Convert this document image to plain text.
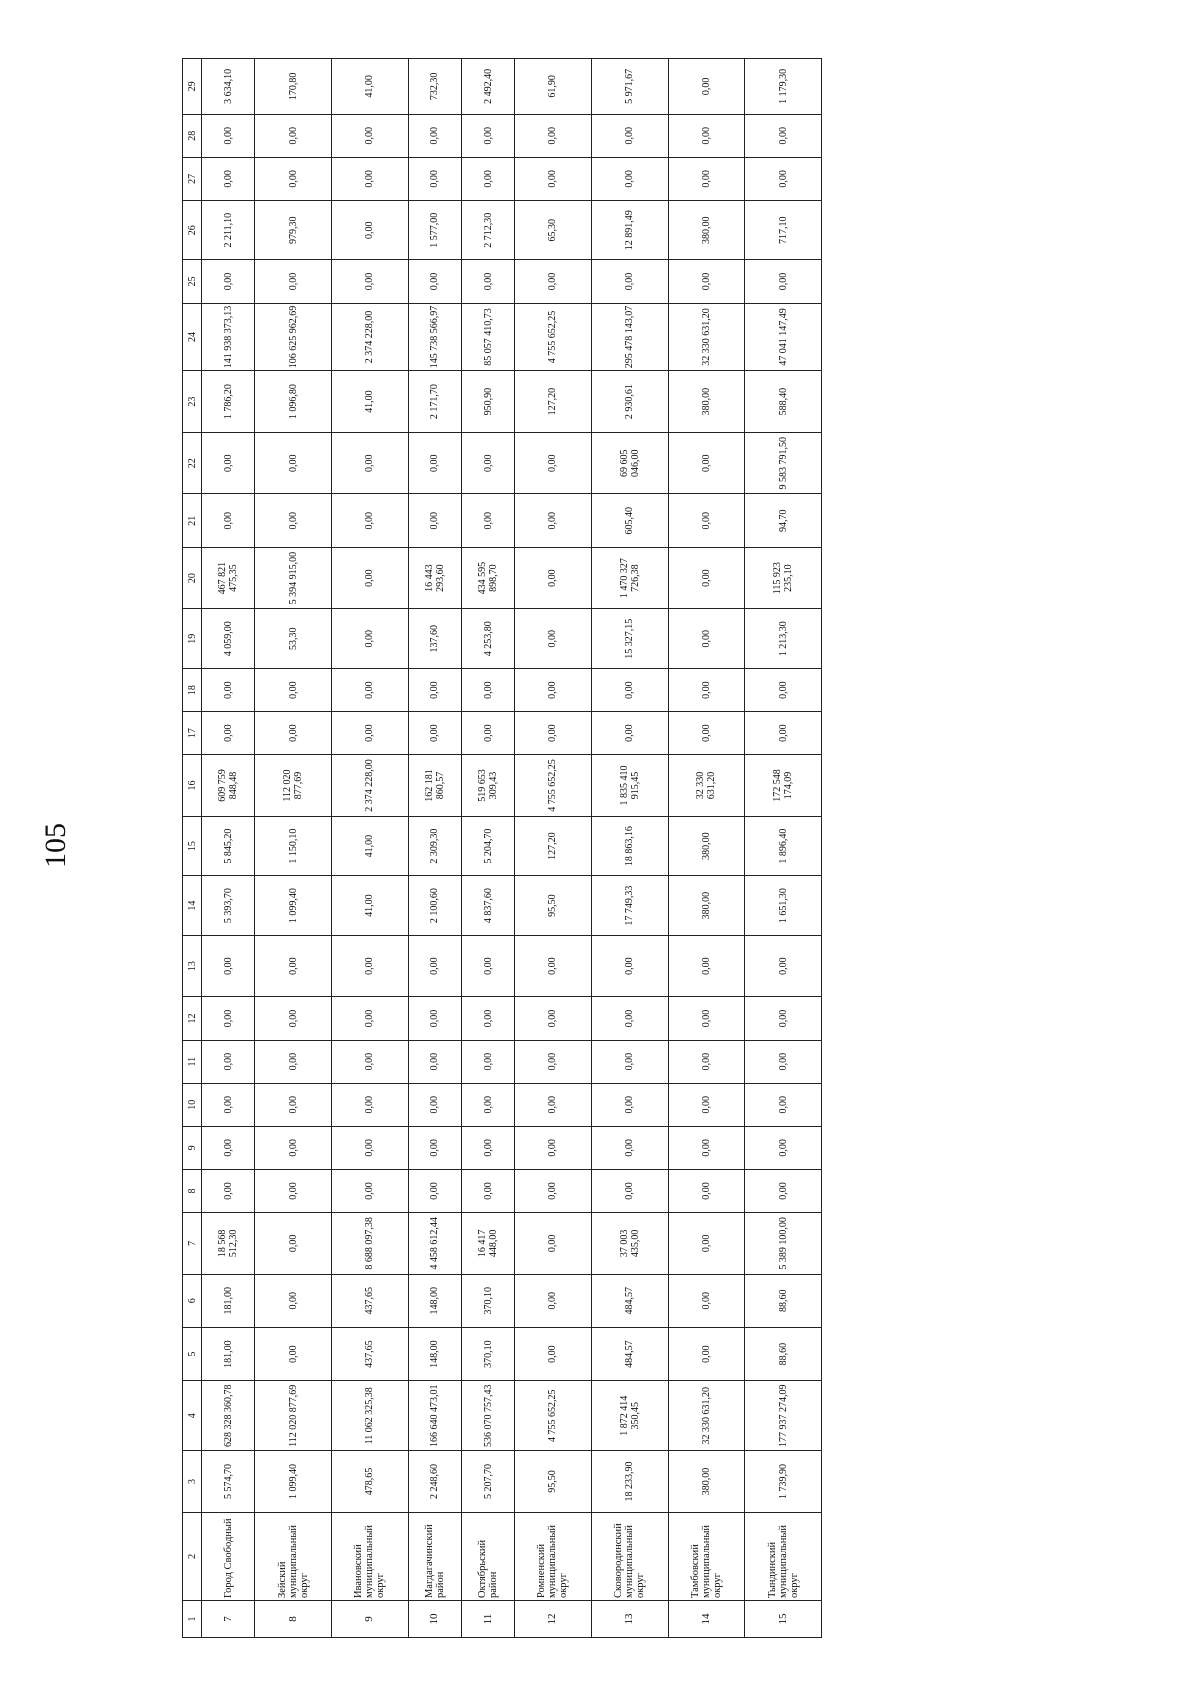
105
1	2	3	4	5	6	7	8	9	10	11	12	13	14	15	16	17	18	19	20	21	22	23	24	25	26	27	28	29
7	Город Свободный	5 574,70	628 328 360,78	181,00	181,00	18 568 512,30	0,00	0,00	0,00	0,00	0,00	0,00	5 393,70	5 845,20	609 759 848,48	0,00	0,00	4 059,00	467 821 475,35	0,00	0,00	1 786,20	141 938 373,13	0,00	2 211,10	0,00	0,00	3 634,10
8	Зейский муниципальный округ	1 099,40	112 020 877,69	0,00	0,00	0,00	0,00	0,00	0,00	0,00	0,00	0,00	1 099,40	1 150,10	112 020 877,69	0,00	0,00	53,30	5 394 915,00	0,00	0,00	1 096,80	106 625 962,69	0,00	979,30	0,00	0,00	170,80
9	Ивановский муниципальный округ	478,65	11 062 325,38	437,65	437,65	8 688 097,38	0,00	0,00	0,00	0,00	0,00	0,00	41,00	41,00	2 374 228,00	0,00	0,00	0,00	0,00	0,00	0,00	41,00	2 374 228,00	0,00	0,00	0,00	0,00	41,00
10	Магдагачинский район	2 248,60	166 640 473,01	148,00	148,00	4 458 612,44	0,00	0,00	0,00	0,00	0,00	0,00	2 100,60	2 309,30	162 181 860,57	0,00	0,00	137,60	16 443 293,60	0,00	0,00	2 171,70	145 738 566,97	0,00	1 577,00	0,00	0,00	732,30
11	Октябрьский район	5 207,70	536 070 757,43	370,10	370,10	16 417 448,00	0,00	0,00	0,00	0,00	0,00	0,00	4 837,60	5 204,70	519 653 309,43	0,00	0,00	4 253,80	434 595 898,70	0,00	0,00	950,90	85 057 410,73	0,00	2 712,30	0,00	0,00	2 492,40
12	Ромненский муниципальный округ	95,50	4 755 652,25	0,00	0,00	0,00	0,00	0,00	0,00	0,00	0,00	0,00	95,50	127,20	4 755 652,25	0,00	0,00	0,00	0,00	0,00	0,00	127,20	4 755 652,25	0,00	65,30	0,00	0,00	61,90
13	Сковородинский муниципальный округ	18 233,90	1 872 414 350,45	484,57	484,57	37 003 435,00	0,00	0,00	0,00	0,00	0,00	0,00	17 749,33	18 863,16	1 835 410 915,45	0,00	0,00	15 327,15	1 470 327 726,38	605,40	69 605 046,00	2 930,61	295 478 143,07	0,00	12 891,49	0,00	0,00	5 971,67
14	Тамбовский муниципальный округ	380,00	32 330 631,20	0,00	0,00	0,00	0,00	0,00	0,00	0,00	0,00	0,00	380,00	380,00	32 330 631,20	0,00	0,00	0,00	0,00	0,00	0,00	380,00	32 330 631,20	0,00	380,00	0,00	0,00	0,00
15	Тындинский муниципальный округ	1 739,90	177 937 274,09	88,60	88,60	5 389 100,00	0,00	0,00	0,00	0,00	0,00	0,00	1 651,30	1 896,40	172 548 174,09	0,00	0,00	1 213,30	115 923 235,10	94,70	9 583 791,50	588,40	47 041 147,49	0,00	717,10	0,00	0,00	1 179,30
